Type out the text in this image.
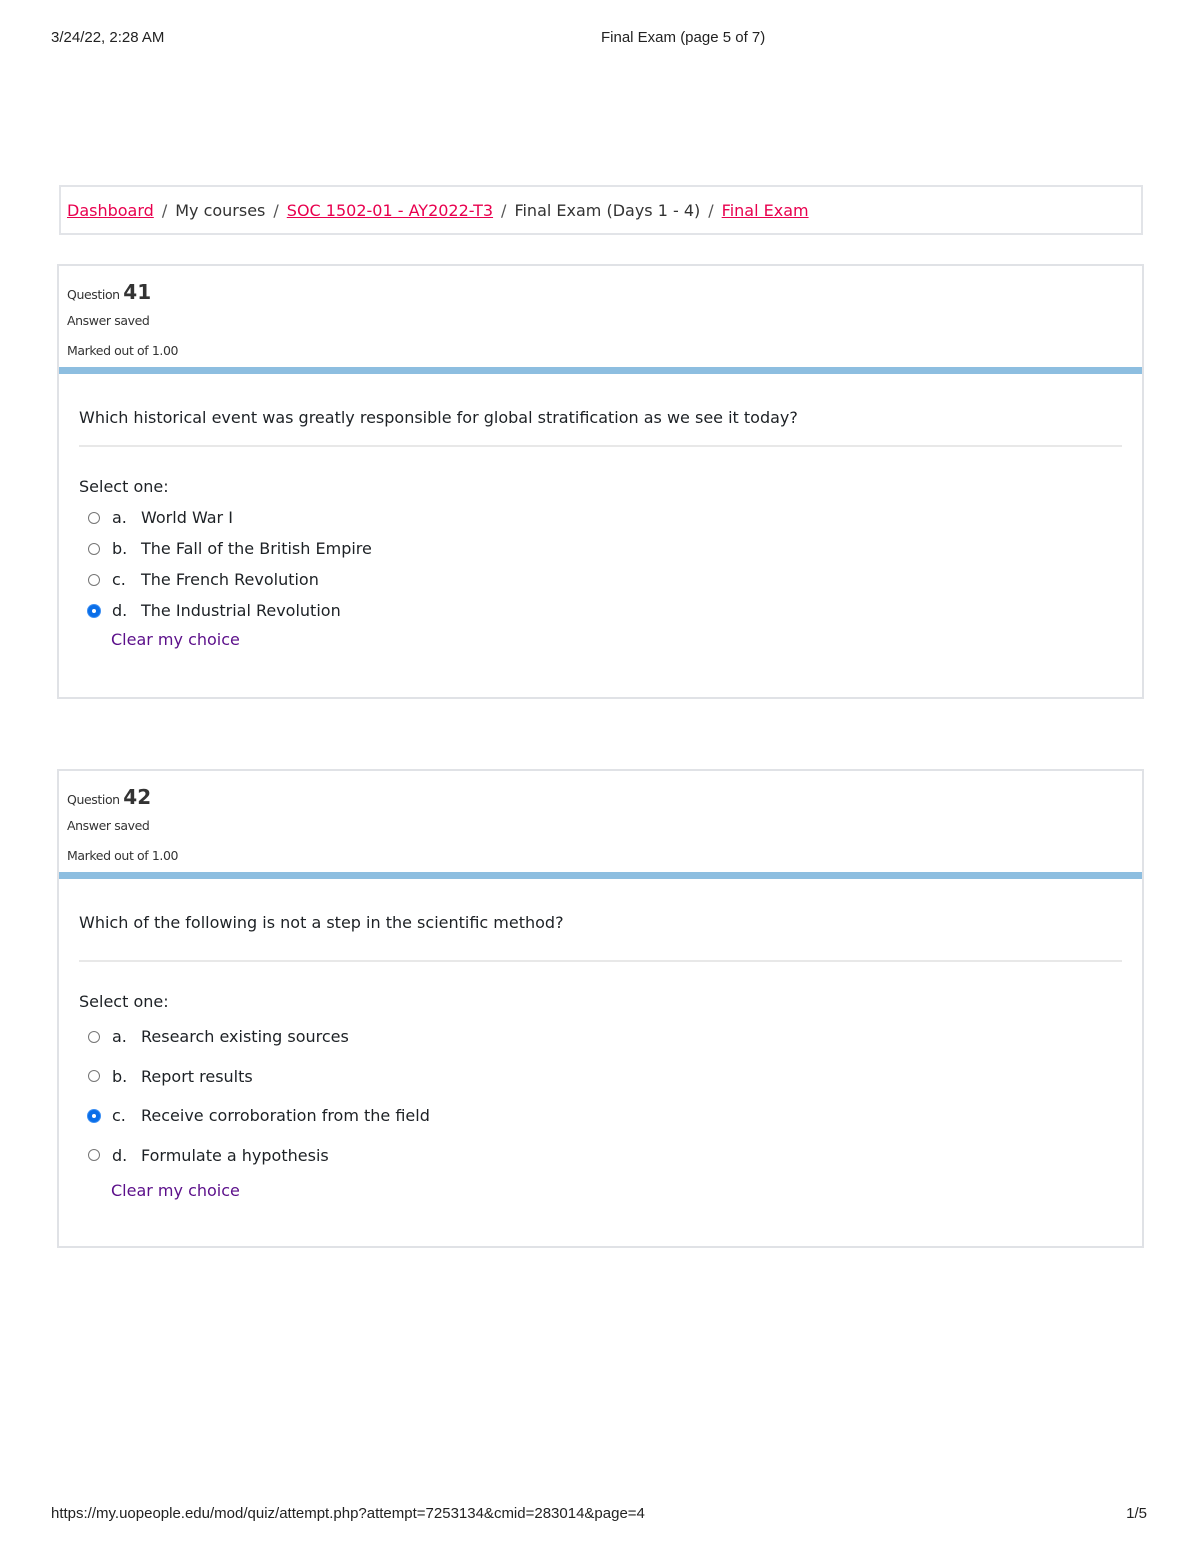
3/24/22, 2:28 AM	Final Exam (page 5 of 7)
Dashboard / My courses / SOC 1502-01 - AY2022-T3 / Final Exam (Days 1 - 4) / Final Exam
Question 41
Answer saved
Marked out of 1.00
Which historical event was greatly responsible for global stratification as we see it today?
Select one:
a. World War I
b. The Fall of the British Empire
c. The French Revolution
d. The Industrial Revolution
Clear my choice
Question 42
Answer saved
Marked out of 1.00
Which of the following is not a step in the scientific method?
Select one:
a. Research existing sources
b. Report results
c. Receive corroboration from the field
d. Formulate a hypothesis
Clear my choice
https://my.uopeople.edu/mod/quiz/attempt.php?attempt=7253134&cmid=283014&page=4	1/5
